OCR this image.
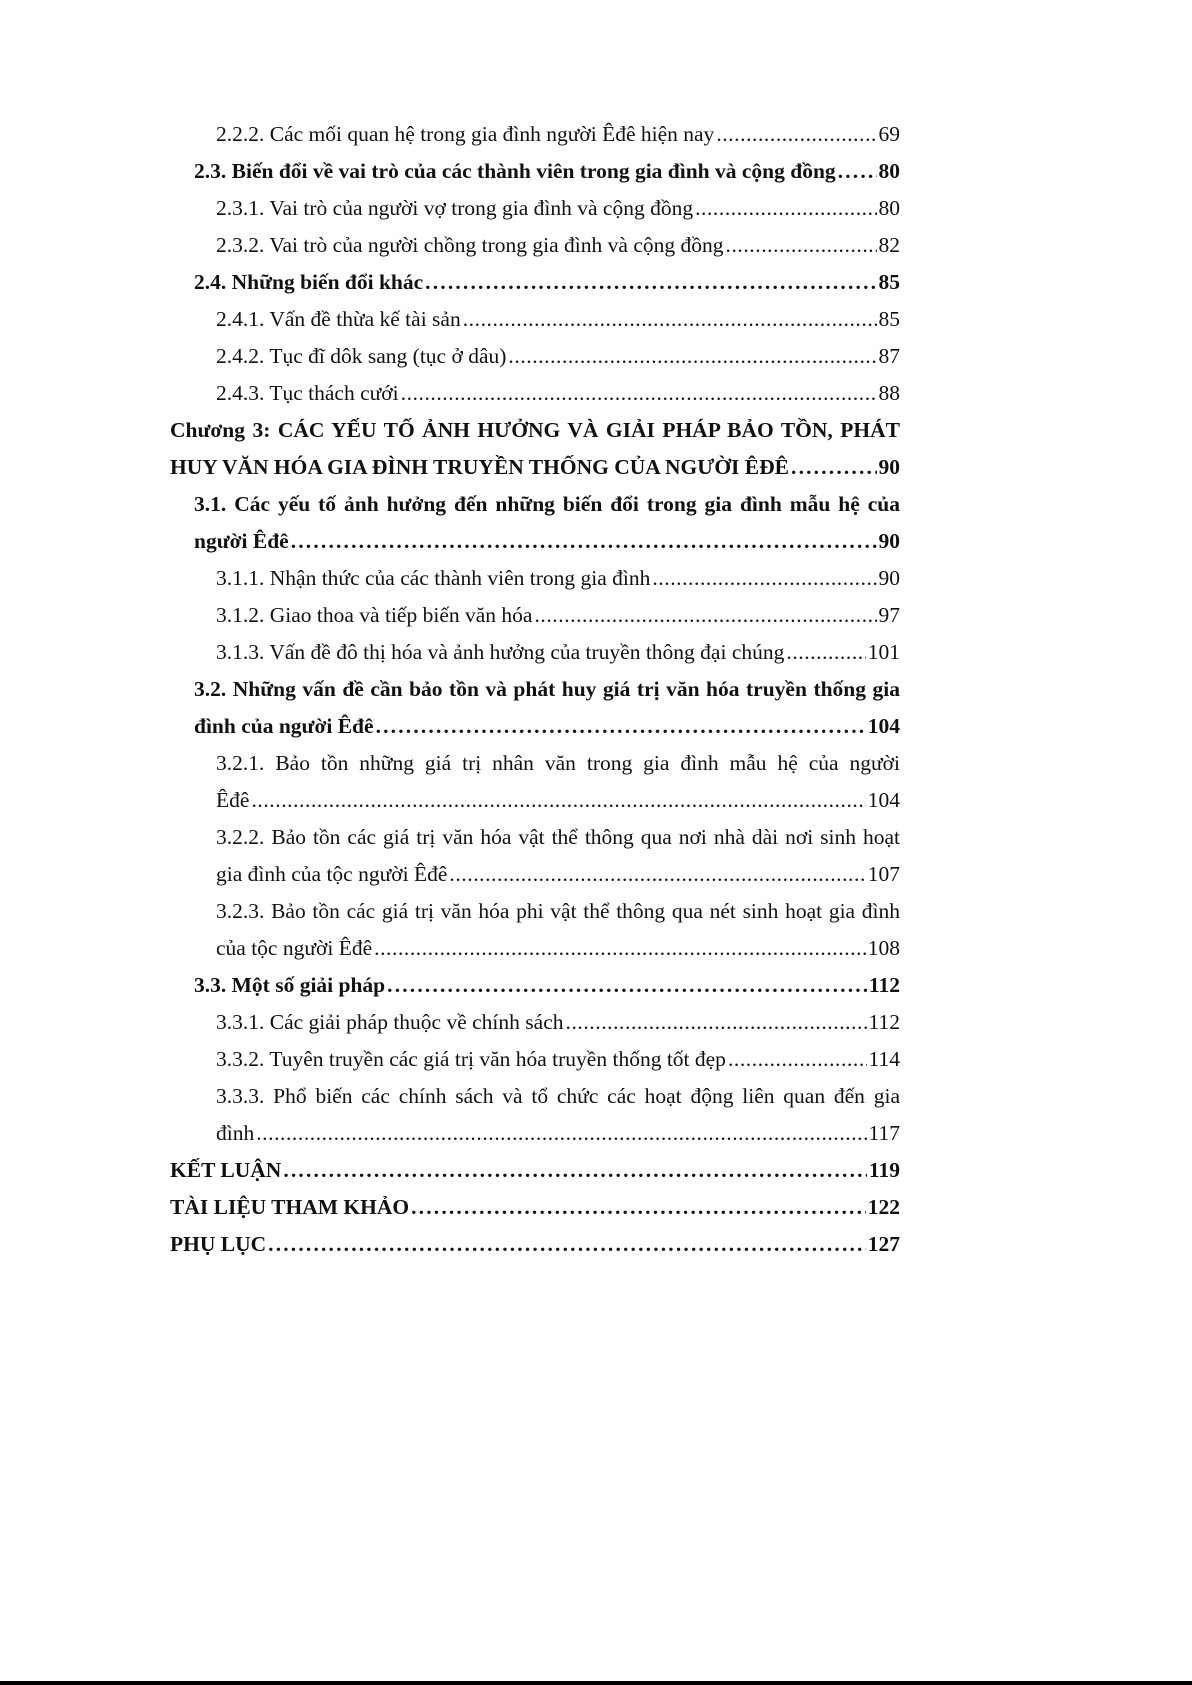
2.2.2. Các mối quan hệ trong gia đình người Êđê hiện nay . . .	69
2.3. Biến đổi về vai trò của các thành viên trong gia đình và cộng đồng . . . 80
2.3.1. Vai trò của người vợ trong gia đình và cộng đồng . . .	80
2.3.2. Vai trò của người chồng trong gia đình và cộng đồng . . .	82
2.4. Những biến đổi khác . . .	85
2.4.1. Vấn đề thừa kế tài sản . . .	85
2.4.2. Tục đĩ dôk sang (tục ở dâu) . . .	87
2.4.3. Tục thách cưới . . .	88
Chương 3: CÁC YẾU TỐ ẢNH HƯỞNG VÀ GIẢI PHÁP BẢO TỒN, PHÁT
HUY VĂN HÓA GIA ĐÌNH TRUYỀN THỐNG CỦA NGƯỜI ÊĐÊ . . .	90
3.1. Các yếu tố ảnh hưởng đến những biến đổi trong gia đình mẫu hệ của
người Êđê . . .	90
3.1.1. Nhận thức của các thành viên trong gia đình . . .	90
3.1.2. Giao thoa và tiếp biến văn hóa . . .	97
3.1.3. Vấn đề đô thị hóa và ảnh hưởng của truyền thông đại chúng . . .	101
3.2. Những vấn đề cần bảo tồn và phát huy giá trị văn hóa truyền thống gia
đình của người Êđê . . .	104
3.2.1. Bảo tồn những giá trị nhân văn trong gia đình mẫu hệ của người
Êđê . . .	104
3.2.2. Bảo tồn các giá trị văn hóa vật thể thông qua nơi nhà dài nơi sinh hoạt
gia đình của tộc người Êđê . . .	107
3.2.3. Bảo tồn các giá trị văn hóa phi vật thể thông qua nét sinh hoạt gia đình
của tộc người Êđê . . .	108
3.3. Một số giải pháp . . .	112
3.3.1. Các giải pháp thuộc về chính sách . . .	112
3.3.2. Tuyên truyền các giá trị văn hóa truyền thống tốt đẹp . . .	114
3.3.3. Phổ biến các chính sách và tổ chức các hoạt động liên quan đến gia
đình . . .	117
KẾT LUẬN . . .	119
TÀI LIỆU THAM KHẢO . . .	122
PHỤ LỤC . . .	127
